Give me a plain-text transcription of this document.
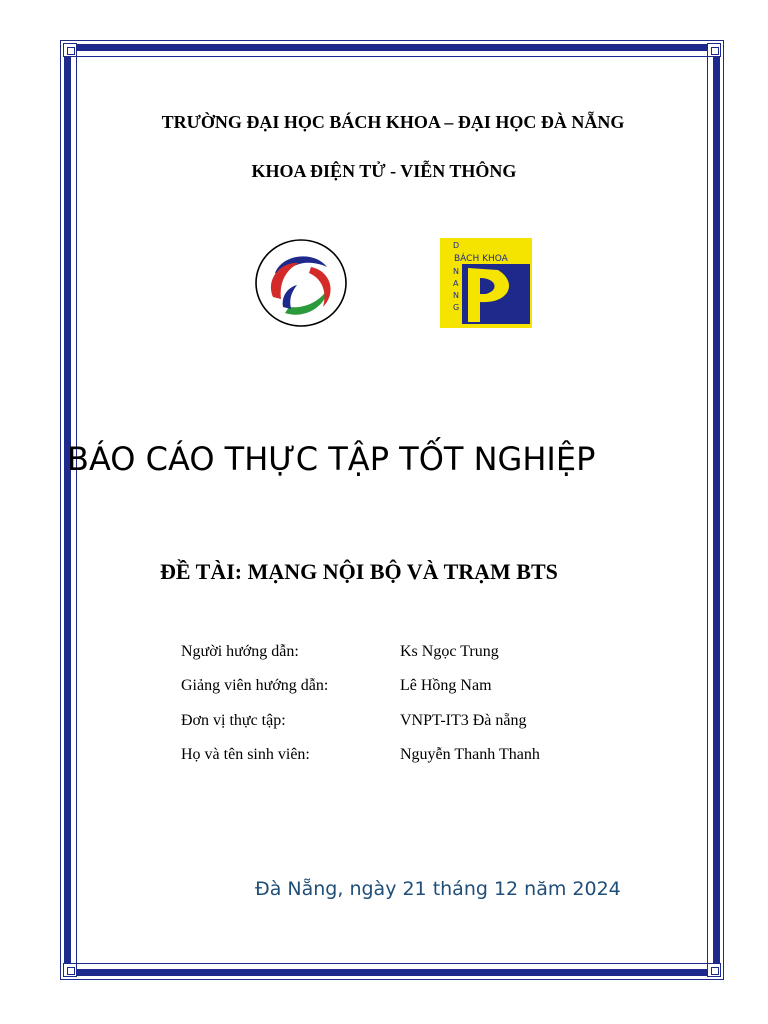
TRƯỜNG ĐẠI HỌC BÁCH KHOA – ĐẠI HỌC ĐÀ NẴNG
KHOA ĐIỆN TỬ - VIỄN THÔNG
BÁCH KHOA
D
N
A
N
G
BÁO CÁO THỰC TẬP TỐT NGHIỆP
ĐỀ TÀI: MẠNG NỘI BỘ VÀ TRẠM BTS
Người hướng dẫn:	Ks Ngọc Trung
Giảng viên hướng dẫn:	Lê Hồng Nam
Đơn vị thực tập:	VNPT-IT3 Đà nẵng
Họ và tên sinh viên:	Nguyễn Thanh Thanh
Đà Nẵng, ngày 21 tháng 12 năm 2024
